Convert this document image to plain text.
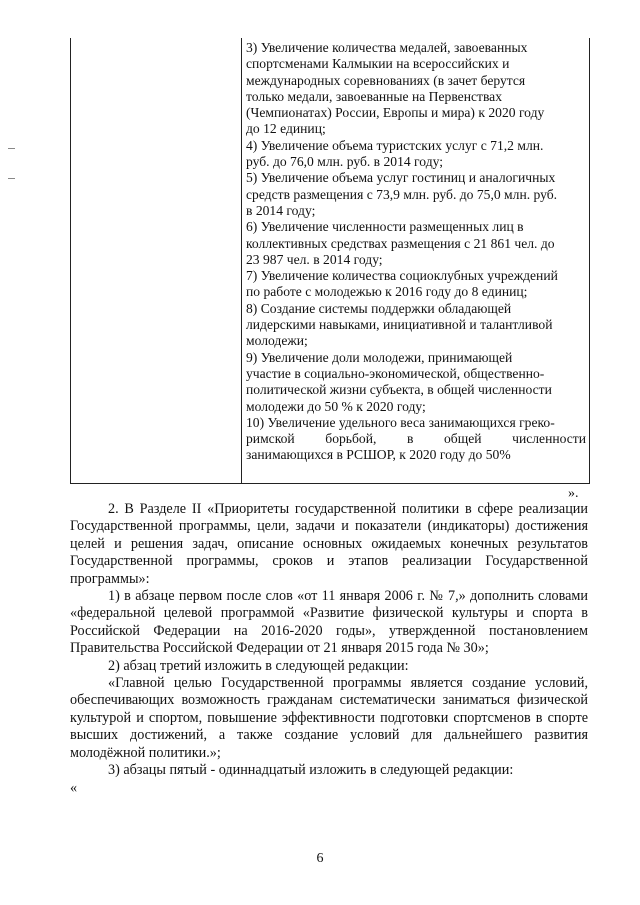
3) Увеличение количества медалей, завоеванных
спортсменами Калмыкии на всероссийских и
международных соревнованиях (в зачет берутся
только медали, завоеванные на Первенствах
(Чемпионатах) России, Европы и мира) к 2020 году
до 12 единиц;
4) Увеличение объема туристских услуг с 71,2 млн.
руб. до 76,0 млн. руб. в 2014 году;
5) Увеличение объема услуг гостиниц и аналогичных
средств размещения с 73,9 млн. руб. до 75,0 млн. руб.
в 2014 году;
6) Увеличение численности размещенных лиц в
коллективных средствах размещения с 21 861 чел. до
23 987 чел. в 2014 году;
7) Увеличение количества социоклубных учреждений
по работе с молодежью к 2016 году до 8 единиц;
8) Создание системы поддержки обладающей
лидерскими навыками, инициативной и талантливой
молодежи;
9) Увеличение доли молодежи, принимающей
участие в социально-экономической, общественно-
политической жизни субъекта, в общей численности
молодежи до 50 % к 2020 году;
10) Увеличение удельного веса занимающихся греко-
римской борьбой, в общей численности
занимающихся в РСШОР, к 2020 году до 50%
».

2. В Разделе II «Приоритеты государственной политики в сфере реализации Государственной программы, цели, задачи и показатели (индикаторы) достижения целей и решения задач, описание основных ожидаемых конечных результатов Государственной программы, сроков и этапов реализации Государственной программы»:

1) в абзаце первом после слов «от 11 января 2006 г. № 7,» дополнить словами «федеральной целевой программой «Развитие физической культуры и спорта в Российской Федерации на 2016-2020 годы», утвержденной постановлением Правительства Российской Федерации от 21 января 2015 года № 30»;

2) абзац третий изложить в следующей редакции:

«Главной целью Государственной программы является создание условий, обеспечивающих возможность гражданам систематически заниматься физической культурой и спортом, повышение эффективности подготовки спортсменов в спорте высших достижений, а также создание условий для дальнейшего развития молодёжной политики.»;

3) абзацы пятый - одиннадцатый изложить в следующей редакции:

«

6
